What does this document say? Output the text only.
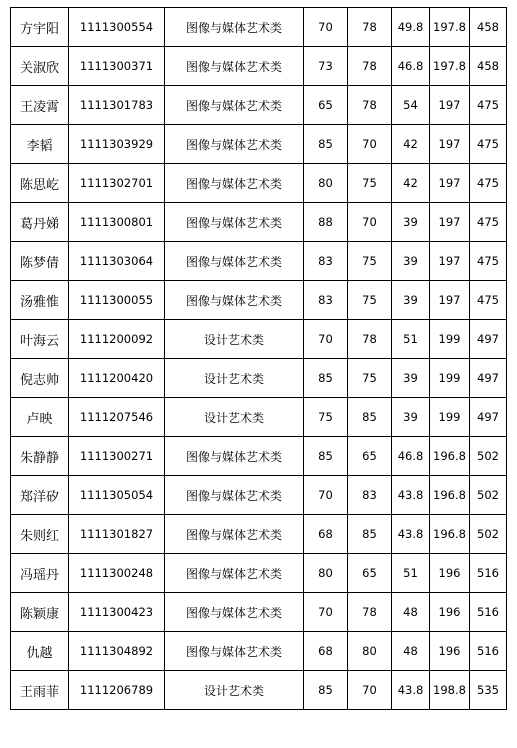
方宇阳	1111300554	图像与媒体艺术类	70	78	49.8	197.8	458
关淑欣	1111300371	图像与媒体艺术类	73	78	46.8	197.8	458
王凌霄	1111301783	图像与媒体艺术类	65	78	54	197	475
李韬	1111303929	图像与媒体艺术类	85	70	42	197	475
陈思屹	1111302701	图像与媒体艺术类	80	75	42	197	475
葛丹娣	1111300801	图像与媒体艺术类	88	70	39	197	475
陈梦倩	1111303064	图像与媒体艺术类	83	75	39	197	475
汤雅惟	1111300055	图像与媒体艺术类	83	75	39	197	475
叶海云	1111200092	设计艺术类	70	78	51	199	497
倪志帅	1111200420	设计艺术类	85	75	39	199	497
卢映	1111207546	设计艺术类	75	85	39	199	497
朱静静	1111300271	图像与媒体艺术类	85	65	46.8	196.8	502
郑洋矽	1111305054	图像与媒体艺术类	70	83	43.8	196.8	502
朱则红	1111301827	图像与媒体艺术类	68	85	43.8	196.8	502
冯瑶丹	1111300248	图像与媒体艺术类	80	65	51	196	516
陈颖康	1111300423	图像与媒体艺术类	70	78	48	196	516
仇越	1111304892	图像与媒体艺术类	68	80	48	196	516
王雨菲	1111206789	设计艺术类	85	70	43.8	198.8	535
